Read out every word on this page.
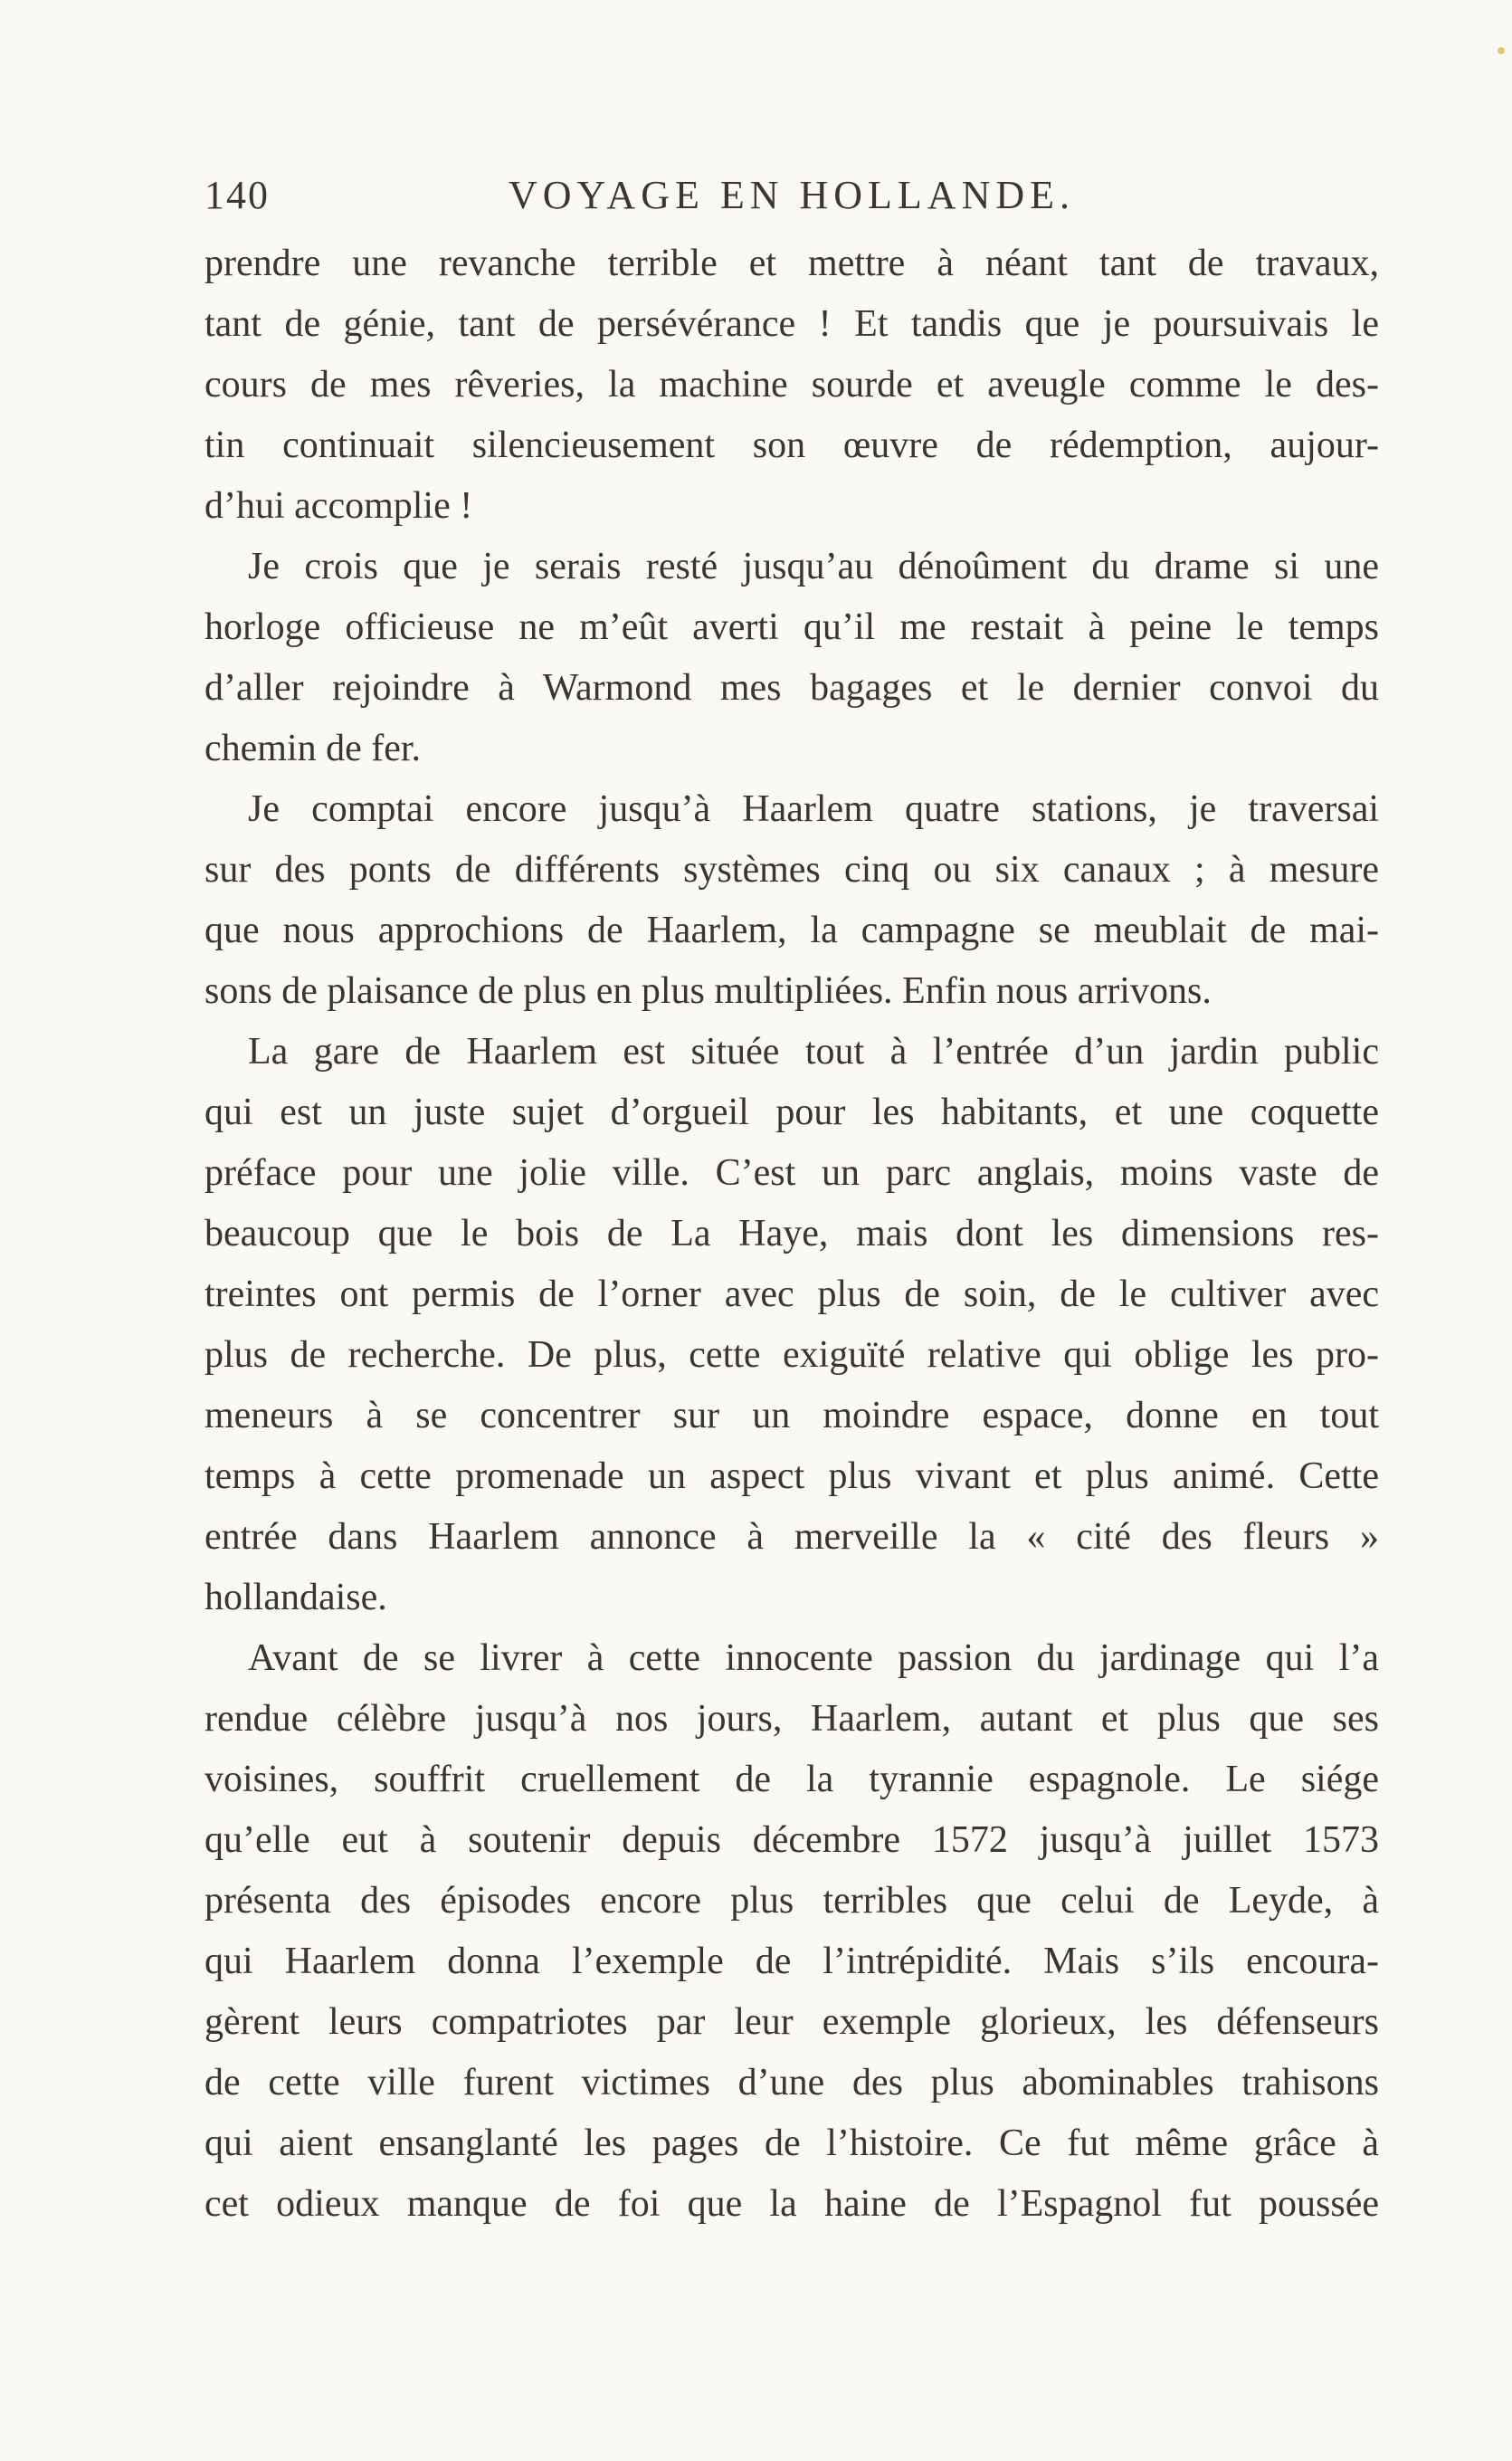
140	VOYAGE EN HOLLANDE.
prendre une revanche terrible et mettre à néant tant de travaux,
tant de génie, tant de persévérance ! Et tandis que je poursuivais le
cours de mes rêveries, la machine sourde et aveugle comme le des-
tin continuait silencieusement son œuvre de rédemption, aujour-
d’hui accomplie !
Je crois que je serais resté jusqu’au dénoûment du drame si une
horloge officieuse ne m’eût averti qu’il me restait à peine le temps
d’aller rejoindre à Warmond mes bagages et le dernier convoi du
chemin de fer.
Je comptai encore jusqu’à Haarlem quatre stations, je traversai
sur des ponts de différents systèmes cinq ou six canaux ; à mesure
que nous approchions de Haarlem, la campagne se meublait de mai-
sons de plaisance de plus en plus multipliées. Enfin nous arrivons.
La gare de Haarlem est située tout à l’entrée d’un jardin public
qui est un juste sujet d’orgueil pour les habitants, et une coquette
préface pour une jolie ville. C’est un parc anglais, moins vaste de
beaucoup que le bois de La Haye, mais dont les dimensions res-
treintes ont permis de l’orner avec plus de soin, de le cultiver avec
plus de recherche. De plus, cette exiguïté relative qui oblige les pro-
meneurs à se concentrer sur un moindre espace, donne en tout
temps à cette promenade un aspect plus vivant et plus animé. Cette
entrée dans Haarlem annonce à merveille la « cité des fleurs »
hollandaise.
Avant de se livrer à cette innocente passion du jardinage qui l’a
rendue célèbre jusqu’à nos jours, Haarlem, autant et plus que ses
voisines, souffrit cruellement de la tyrannie espagnole. Le siége
qu’elle eut à soutenir depuis décembre 1572 jusqu’à juillet 1573
présenta des épisodes encore plus terribles que celui de Leyde, à
qui Haarlem donna l’exemple de l’intrépidité. Mais s’ils encoura-
gèrent leurs compatriotes par leur exemple glorieux, les défenseurs
de cette ville furent victimes d’une des plus abominables trahisons
qui aient ensanglanté les pages de l’histoire. Ce fut même grâce à
cet odieux manque de foi que la haine de l’Espagnol fut poussée
